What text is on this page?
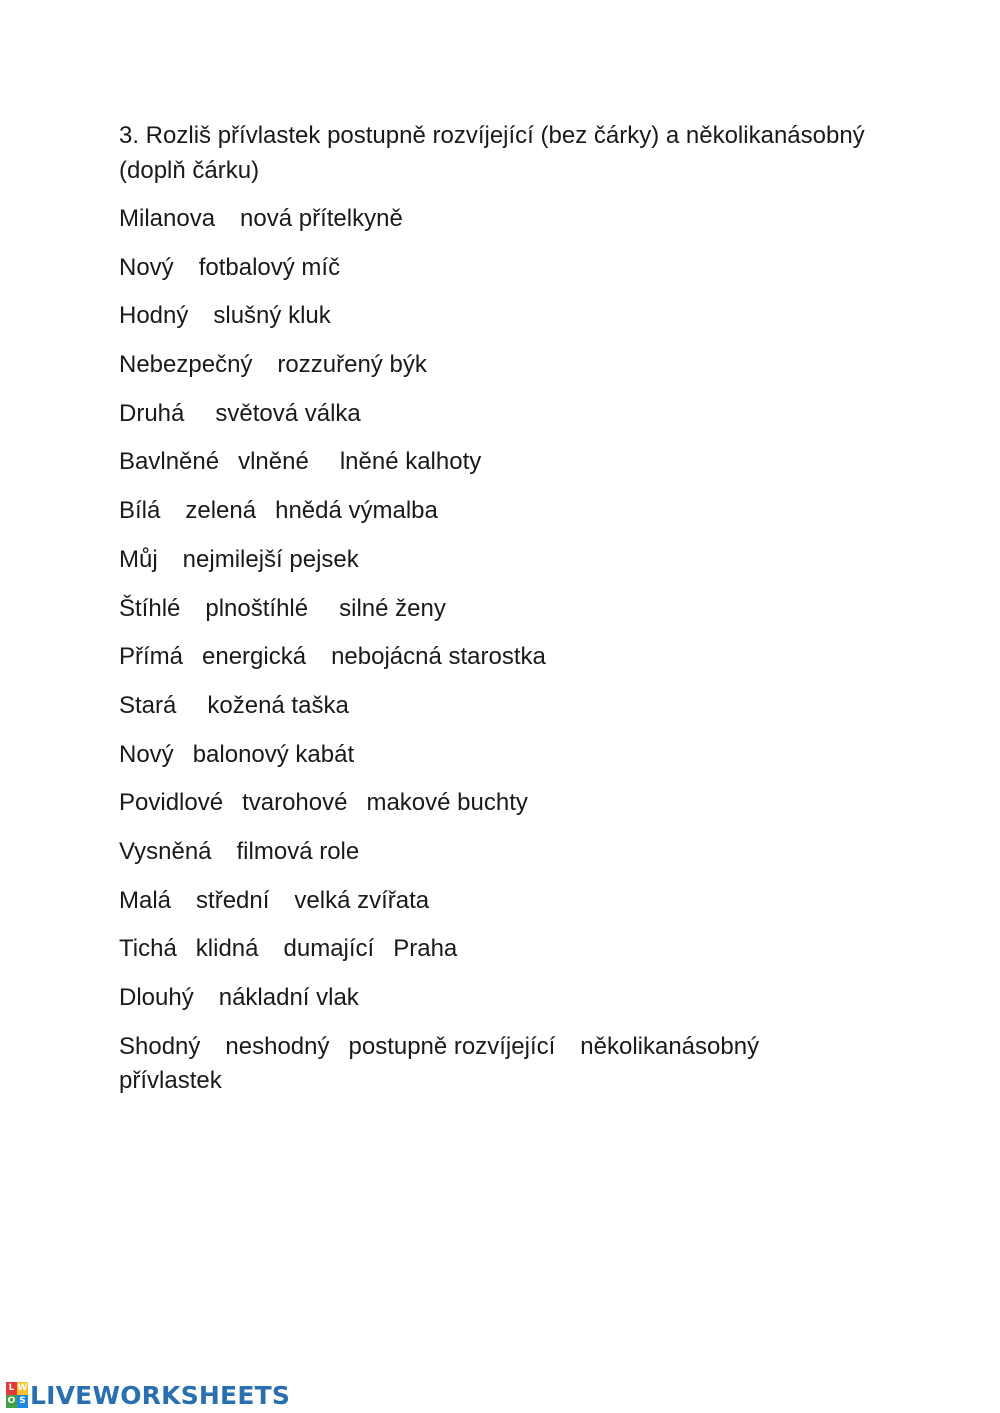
3. Rozliš přívlastek postupně rozvíjející (bez čárky) a několikanásobný (doplň čárku)

Milanova nová přítelkyně
Nový fotbalový míč
Hodný slušný kluk
Nebezpečný rozzuřený býk
Druhá světová válka
Bavlněné vlněné lněné kalhoty
Bílá zelená hnědá výmalba
Můj nejmilejší pejsek
Štíhlé plnoštíhlé silné ženy
Přímá energická nebojácná starostka
Stará kožená taška
Nový balonový kabát
Povidlové tvarohové makové buchty
Vysněná filmová role
Malá střední velká zvířata
Tichá klidná dumající Praha
Dlouhý nákladní vlak
Shodný neshodný postupně rozvíjející několikanásobný přívlastek
L W
O S LIVEWORKSHEETS
